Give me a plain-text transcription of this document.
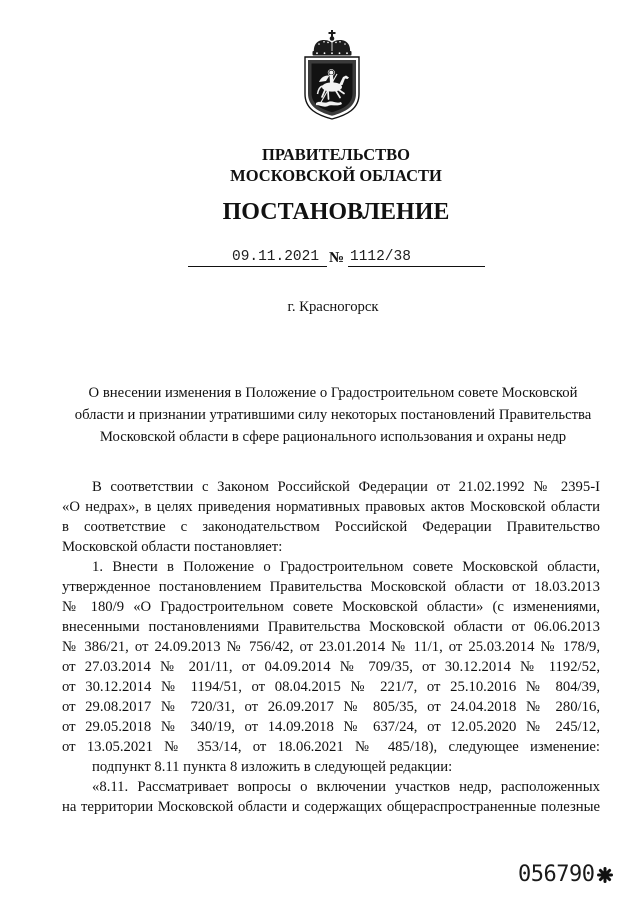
ПРАВИТЕЛЬСТВО
МОСКОВСКОЙ ОБЛАСТИ
ПОСТАНОВЛЕНИЕ
09.11.2021 № 1112/38
г. Красногорск
О внесении изменения в Положение о Градостроительном совете Московской
области и признании утратившими силу некоторых постановлений Правительства
Московской области в сфере рационального использования и охраны недр
В соответствии с Законом Российской Федерации от 21.02.1992 № 2395-I
«О недрах», в целях приведения нормативных правовых актов Московской области
в соответствие с законодательством Российской Федерации Правительство
Московской области постановляет:
1. Внести в Положение о Градостроительном совете Московской области,
утвержденное постановлением Правительства Московской области от 18.03.2013
№ 180/9 «О Градостроительном совете Московской области» (с изменениями,
внесенными постановлениями Правительства Московской области от 06.06.2013
№ 386/21, от 24.09.2013 № 756/42, от 23.01.2014 № 11/1, от 25.03.2014 № 178/9,
от 27.03.2014 № 201/11, от 04.09.2014 № 709/35, от 30.12.2014 № 1192/52,
от 30.12.2014 № 1194/51, от 08.04.2015 № 221/7, от 25.10.2016 № 804/39,
от 29.08.2017 № 720/31, от 26.09.2017 № 805/35, от 24.04.2018 № 280/16,
от 29.05.2018 № 340/19, от 14.09.2018 № 637/24, от 12.05.2020 № 245/12,
от 13.05.2021 № 353/14, от 18.06.2021 № 485/18), следующее изменение:
подпункт 8.11 пункта 8 изложить в следующей редакции:
«8.11. Рассматривает вопросы о включении участков недр, расположенных
на территории Московской области и содержащих общераспространенные полезные
056790
